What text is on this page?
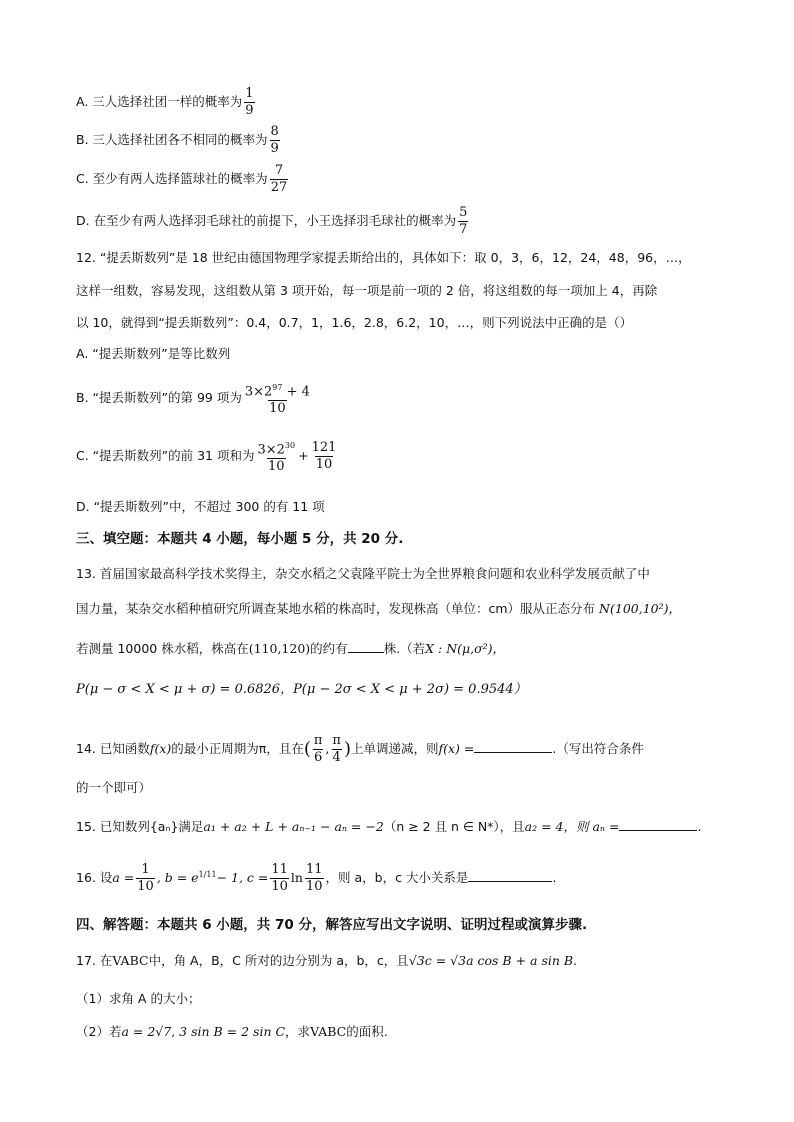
A. 三人选择社团一样的概率为 $\frac{1}{9}$
B. 三人选择社团各不相同的概率为 $\frac{8}{9}$
C. 至少有两人选择篮球社的概率为 $\frac{7}{27}$
D. 在至少有两人选择羽毛球社的前提下，小王选择羽毛球社的概率为 $\frac{5}{7}$
12. “提丢斯数列”是 18 世纪由德国物理学家提丢斯给出的，具体如下：取 0，3，6，12，24，48，96，…，
这样一组数，容易发现，这组数从第 3 项开始，每一项是前一项的 2 倍，将这组数的每一项加上 4，再除
以 10，就得到“提丢斯数列”：0.4，0.7，1，1.6，2.8，6.2，10，…，则下列说法中正确的是（）
A. “提丢斯数列”是等比数列
B. “提丢斯数列”的第 99 项为 $\frac{3\times 2^{97} + 4}{10}$
C. “提丢斯数列”的前 31 项和为 $\frac{3\times 2^{30}}{10} + \frac{121}{10}$
D. “提丢斯数列”中，不超过 300 的有 11 项
三、填空题：本题共 4 小题，每小题 5 分，共 20 分.
13. 首届国家最高科学技术奖得主，杂交水稻之父袁隆平院士为全世界粮食问题和农业科学发展贡献了中
国力量，某杂交水稻种植研究所调查某地水稻的株高时，发现株高（单位：cm）服从正态分布 N(100,10²)，
若测量 10000 株水稻，株高在(110,120)的约有	株.（若X : N(μ,σ²)，
P(μ − σ < X < μ + σ) = 0.6826，P(μ − 2σ < X < μ + 2σ) = 0.9544）
14. 已知函数f(x)的最小正周期为π，且在( $\frac{\pi}{6}$ , $\frac{\pi}{4}$ )上单调递减，则f(x) =	.（写出符合条件
的一个即可）
15. 已知数列{aₙ}满足a₁ + a₂ + L + aₙ₋₁ − aₙ = −2（n ≥ 2 且 n ∈ N*），且a₂ = 4，则 aₙ =	.
16. 设$a = \frac{1}{10}$ , $b = e^{1/11}- 1$, $c = \frac{11}{10}$ $\ln \frac{11}{10}$ ，则 a，b，c 大小关系是	.
四、解答题：本题共 6 小题，共 70 分，解答应写出文字说明、证明过程或演算步骤.
17. 在VABC中，角 A，B，C 所对的边分别为 a，b，c，且√3c = √3a cos B + a sin B.
（1）求角 A 的大小；
（2）若a = 2√7, 3 sin B = 2 sin C，求VABC的面积.
